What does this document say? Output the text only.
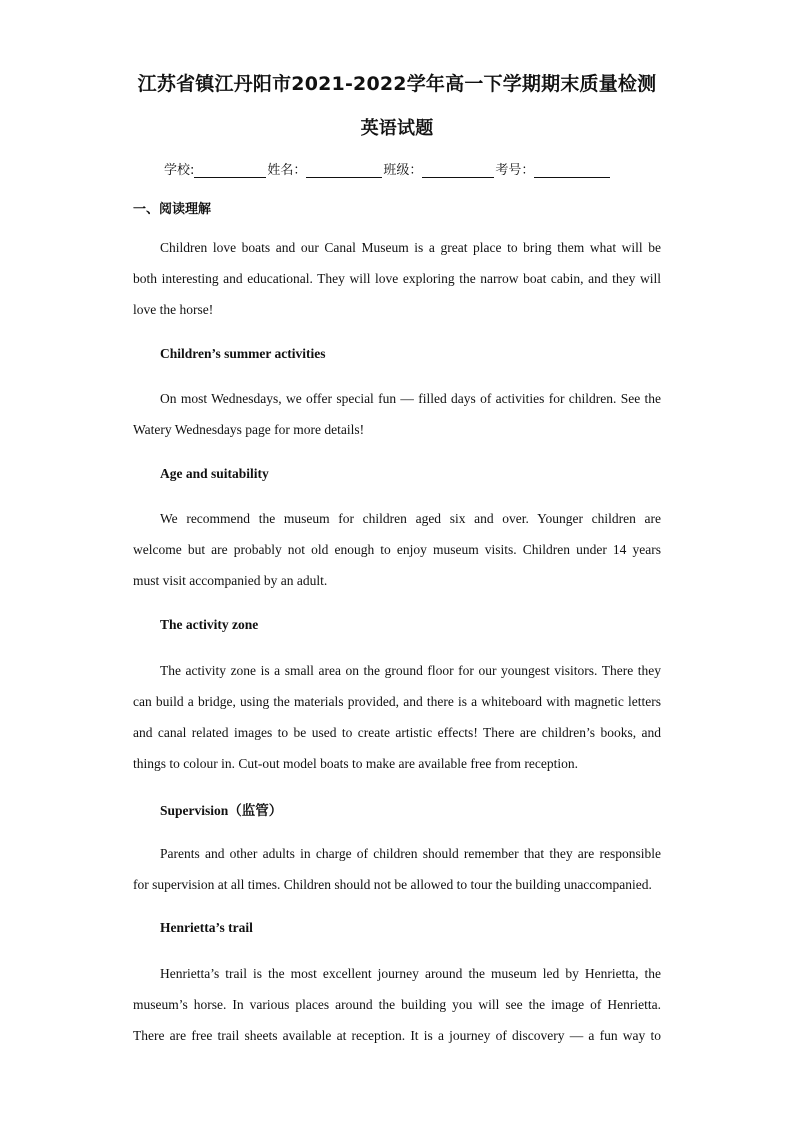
江苏省镇江丹阳市2021-2022学年高一下学期期末质量检测
英语试题
学校:	姓名：	班级：	考号：
一、阅读理解
Children love boats and our Canal Museum is a great place to bring them what will be
both interesting and educational. They will love exploring the narrow boat cabin, and they will
love the horse!
Children’s summer activities
On most Wednesdays, we offer special fun — filled days of activities for children. See the
Watery Wednesdays page for more details!
Age and suitability
We recommend the museum for children aged six and over. Younger children are
welcome but are probably not old enough to enjoy museum visits. Children under 14 years
must visit accompanied by an adult.
The activity zone
The activity zone is a small area on the ground floor for our youngest visitors. There they
can build a bridge, using the materials provided, and there is a whiteboard with magnetic letters
and canal related images to be used to create artistic effects! There are children’s books, and
things to colour in. Cut-out model boats to make are available free from reception.
Supervision（监管）
Parents and other adults in charge of children should remember that they are responsible
for supervision at all times. Children should not be allowed to tour the building unaccompanied.
Henrietta’s trail
Henrietta’s trail is the most excellent journey around the museum led by Henrietta, the
museum’s horse. In various places around the building you will see the image of Henrietta.
There are free trail sheets available at reception. It is a journey of discovery — a fun way to
